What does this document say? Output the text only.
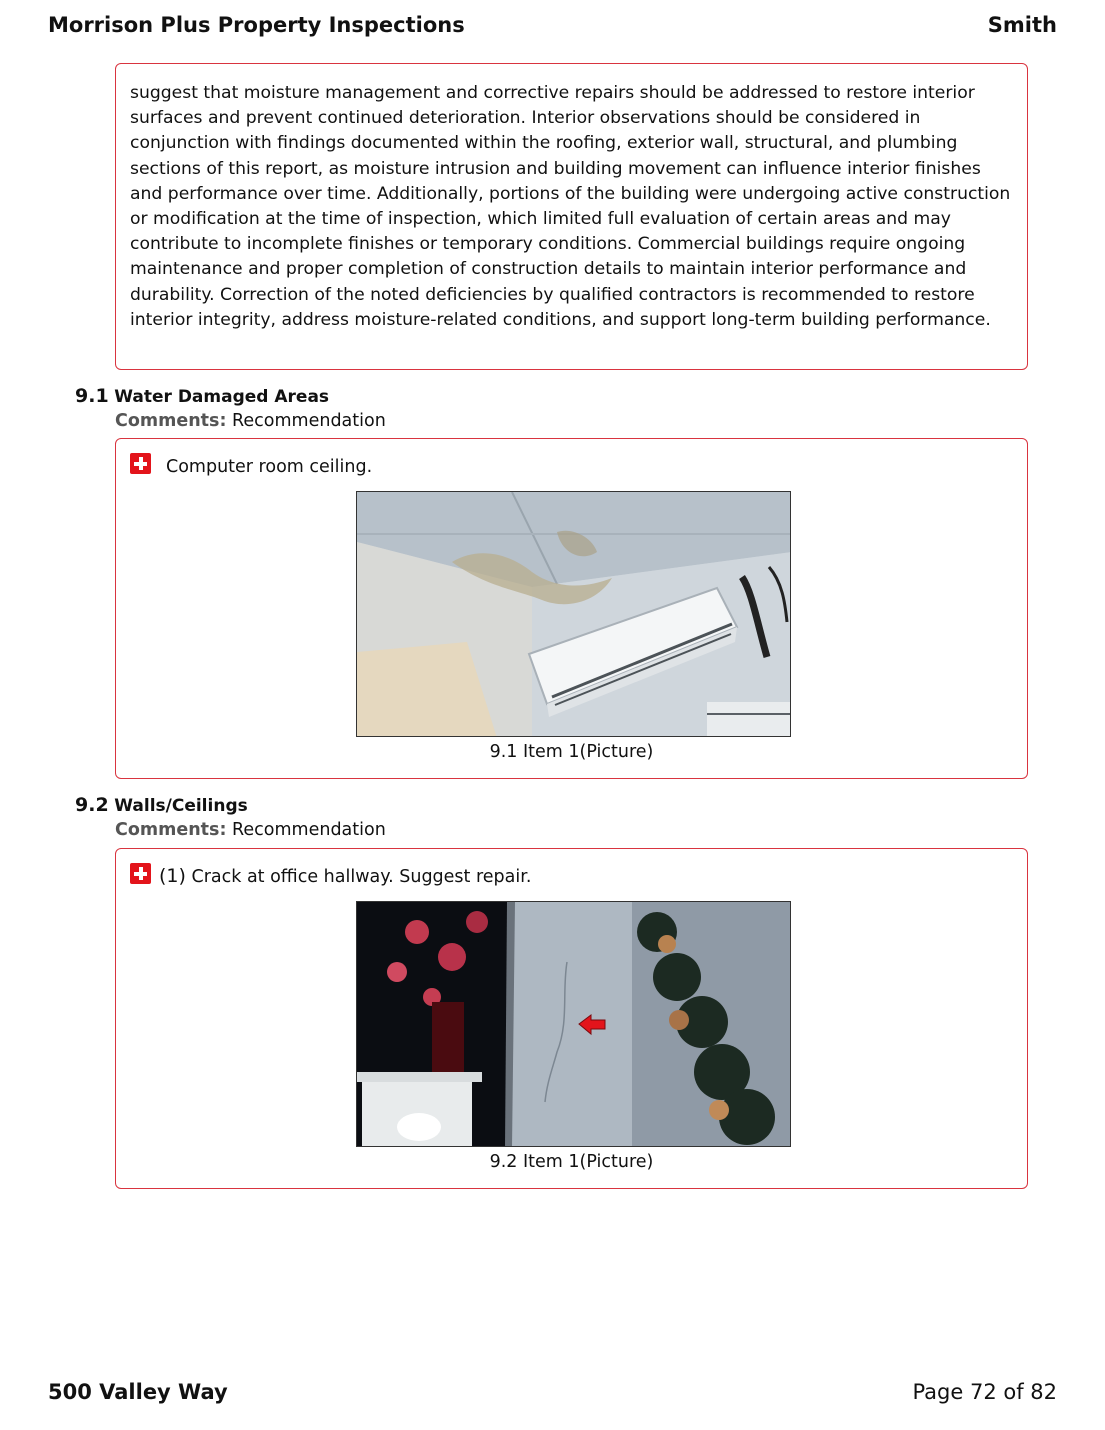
Morrison Plus Property Inspections	Smith
suggest that moisture management and corrective repairs should be addressed to restore interior surfaces and prevent continued deterioration. Interior observations should be considered in conjunction with findings documented within the roofing, exterior wall, structural, and plumbing sections of this report, as moisture intrusion and building movement can influence interior finishes and performance over time. Additionally, portions of the building were undergoing active construction or modification at the time of inspection, which limited full evaluation of certain areas and may contribute to incomplete finishes or temporary conditions. Commercial buildings require ongoing maintenance and proper completion of construction details to maintain interior performance and durability. Correction of the noted deficiencies by qualified contractors is recommended to restore interior integrity, address moisture-related conditions, and support long-term building performance.
9.1 Water Damaged Areas
Comments: Recommendation
Computer room ceiling.
9.1 Item 1(Picture)
9.2 Walls/Ceilings
Comments: Recommendation
(1) Crack at office hallway. Suggest repair.
9.2 Item 1(Picture)
500 Valley Way	Page 72 of 82
